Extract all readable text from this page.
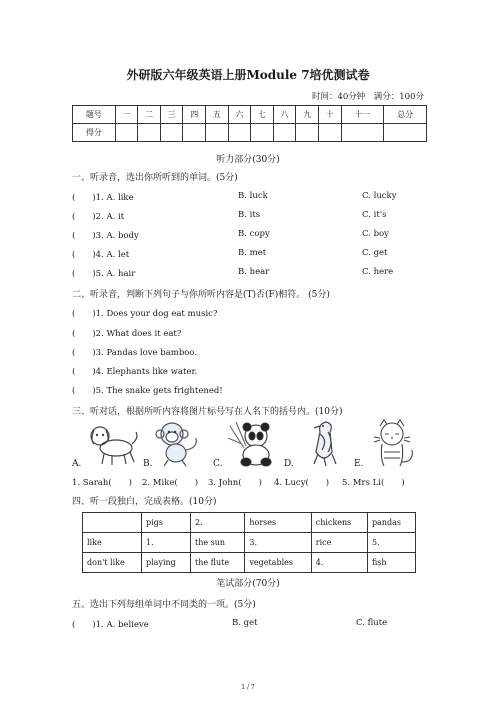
外研版六年级英语上册Module 7培优测试卷
时间：40分钟　满分：100分
题号	一	二	三	四	五	六	七	八	九	十	十一	总分
得分												
听力部分(30分)
一、听录音，选出你所听到的单词。(5分)
(　　)1. A. like	B. luck	C. lucky
(　　)2. A. it	B. its	C. it's
(　　)3. A. body	B. copy	C. boy
(　　)4. A. let	B. met	C. get
(　　)5. A. hair	B. hear	C. here
二、听录音，判断下列句子与你所听内容是(T)否(F)相符。 (5分)
(　　)1. Does your dog eat music?
(　　)2. What does it eat?
(　　)3. Pandas love bamboo.
(　　)4. Elephants like water.
(　　)5. The snake gets frightened!
三、听对话，根据所听内容将图片标号写在人名下的括号内。(10分)
A.	B.	C.	D.	E.
1. Sarah(　　) 2. Mike(　　) 3. John(　　) 4. Lucy(　　) 5. Mrs Li(　　)
四、听一段独白，完成表格。(10分)
	pigs	2.	horses	chickens	pandas
like	1.	the sun	3.	rice	5.
don't like	playing	the flute	vegetables	4.	fish
笔试部分(70分)
五、选出下列每组单词中不同类的一项。(5分)
(　　)1. A. believe	B. get	C. flute
1 / 7
